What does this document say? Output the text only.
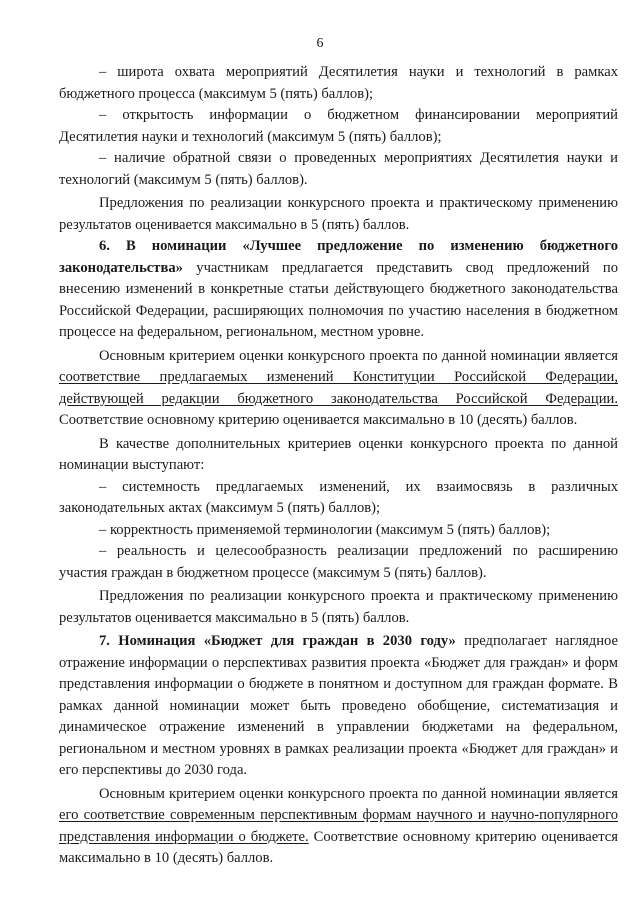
6

– широта охвата мероприятий Десятилетия науки и технологий в рамках бюджетного процесса (максимум 5 (пять) баллов);

– открытость информации о бюджетном финансировании мероприятий Десятилетия науки и технологий (максимум 5 (пять) баллов);

– наличие обратной связи о проведенных мероприятиях Десятилетия науки и технологий (максимум 5 (пять) баллов).

Предложения по реализации конкурсного проекта и практическому применению результатов оценивается максимально в 5 (пять) баллов.

6. В номинации «Лучшее предложение по изменению бюджетного законодательства» участникам предлагается представить свод предложений по внесению изменений в конкретные статьи действующего бюджетного законодательства Российской Федерации, расширяющих полномочия по участию населения в бюджетном процессе на федеральном, региональном, местном уровне.

Основным критерием оценки конкурсного проекта по данной номинации является соответствие предлагаемых изменений Конституции Российской Федерации, действующей редакции бюджетного законодательства Российской Федерации. Соответствие основному критерию оценивается максимально в 10 (десять) баллов.

В качестве дополнительных критериев оценки конкурсного проекта по данной номинации выступают:

– системность предлагаемых изменений, их взаимосвязь в различных законодательных актах (максимум 5 (пять) баллов);

– корректность применяемой терминологии (максимум 5 (пять) баллов);

– реальность и целесообразность реализации предложений по расширению участия граждан в бюджетном процессе (максимум 5 (пять) баллов).

Предложения по реализации конкурсного проекта и практическому применению результатов оценивается максимально в 5 (пять) баллов.

7. Номинация «Бюджет для граждан в 2030 году» предполагает наглядное отражение информации о перспективах развития проекта «Бюджет для граждан» и форм представления информации о бюджете в понятном и доступном для граждан формате. В рамках данной номинации может быть проведено обобщение, систематизация и динамическое отражение изменений в управлении бюджетами на федеральном, региональном и местном уровнях в рамках реализации проекта «Бюджет для граждан» и его перспективы до 2030 года.

Основным критерием оценки конкурсного проекта по данной номинации является его соответствие современным перспективным формам научного и научно-популярного представления информации о бюджете. Соответствие основному критерию оценивается максимально в 10 (десять) баллов.
